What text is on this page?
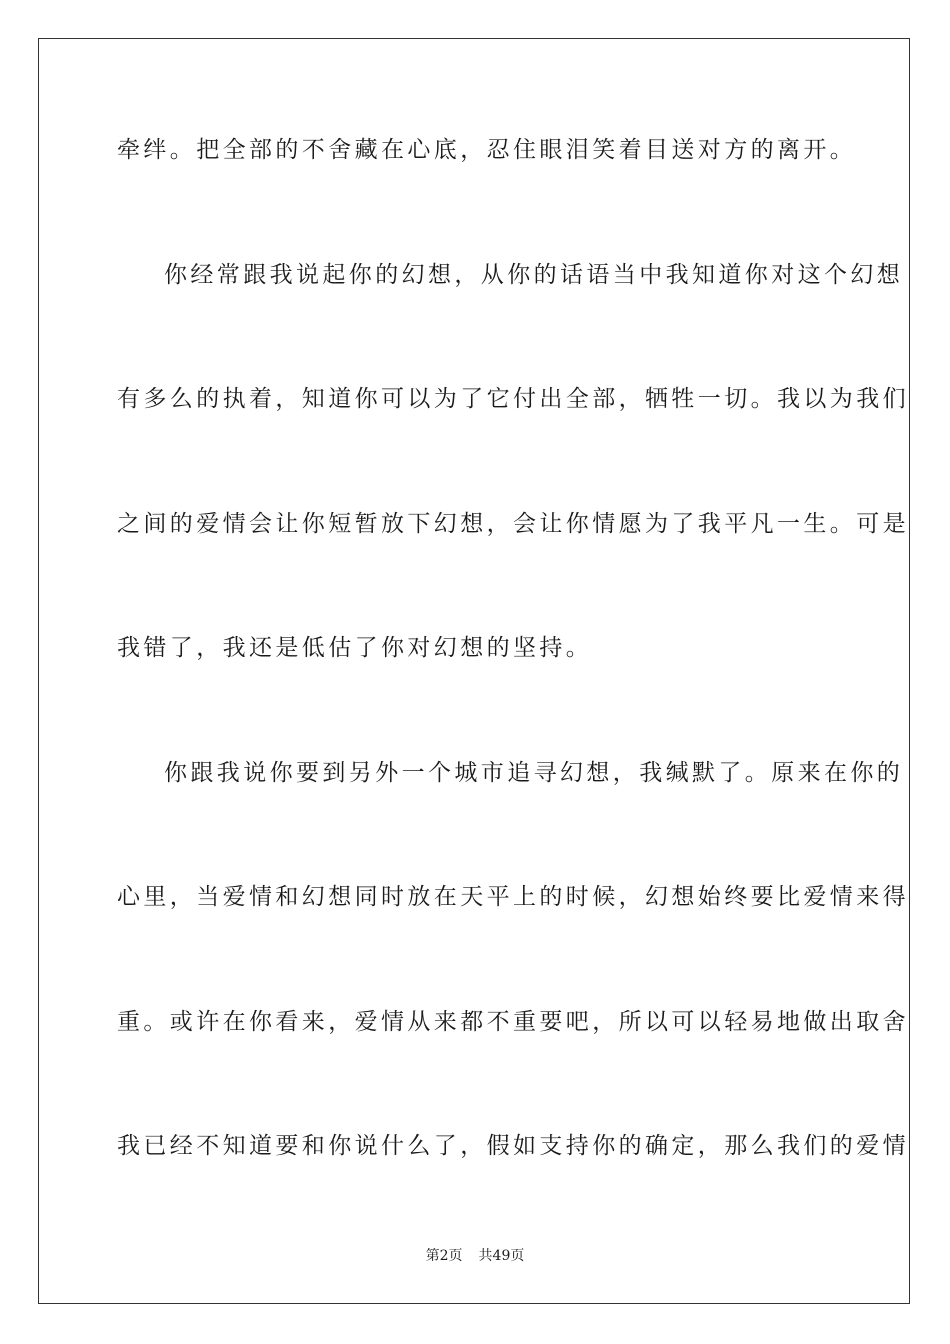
牵绊。把全部的不舍藏在心底，忍住眼泪笑着目送对方的离开。
你经常跟我说起你的幻想，从你的话语当中我知道你对这个幻想
有多么的执着，知道你可以为了它付出全部，牺牲一切。我以为我们
之间的爱情会让你短暂放下幻想，会让你情愿为了我平凡一生。可是
我错了，我还是低估了你对幻想的坚持。
你跟我说你要到另外一个城市追寻幻想，我缄默了。原来在你的
心里，当爱情和幻想同时放在天平上的时候，幻想始终要比爱情来得
重。或许在你看来，爱情从来都不重要吧，所以可以轻易地做出取舍
我已经不知道要和你说什么了，假如支持你的确定，那么我们的爱情
第2页 共49页
